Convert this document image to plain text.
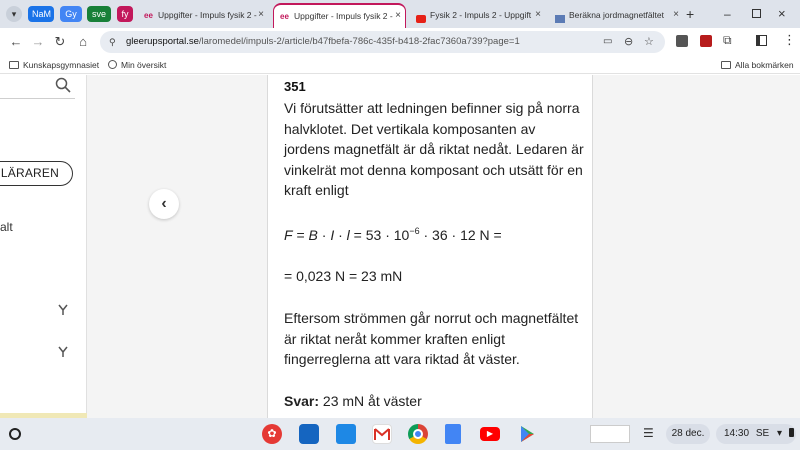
▾	NaM	Gy	sve	fy	ee Uppgifter - Impuls fysik 2 - ×	ee Uppgifter - Impuls fysik 2 - ×	Fysik 2 - Impuls 2 - Uppgift ×	Beräkna jordmagnetfältet × + –	×
← → ↻	⌂	⚲ gleerupsportal.se/laromedel/impuls-2/article/b47fbefa-786c-435f-b418-2fac7360a739?page=1	▭ ⊖ ☆	⧉	⋮
Kunskapsgymnasiet	Min översikt	Alla bokmärken
LÄRAREN
alt
‹
351
Vi förutsätter att ledningen befinner sig på norra halvklotet. Det vertikala komposanten av jordens magnetfält är då riktat nedåt. Ledaren är vinkelrät mot denna komposant och utsätt för en kraft enligt
$F = B \cdot I \cdot l = 53 \cdot 10^{-6} \cdot 36 \cdot 12$ N =
= 0,023 N = 23 mN
Eftersom strömmen går norrut och magnetfältet är riktat neråt kommer kraften enligt fingerreglerna att vara riktad åt väster.
Svar: 23 mN åt väster
✿	▶	☰	28 dec.	14:30 SE ▾
